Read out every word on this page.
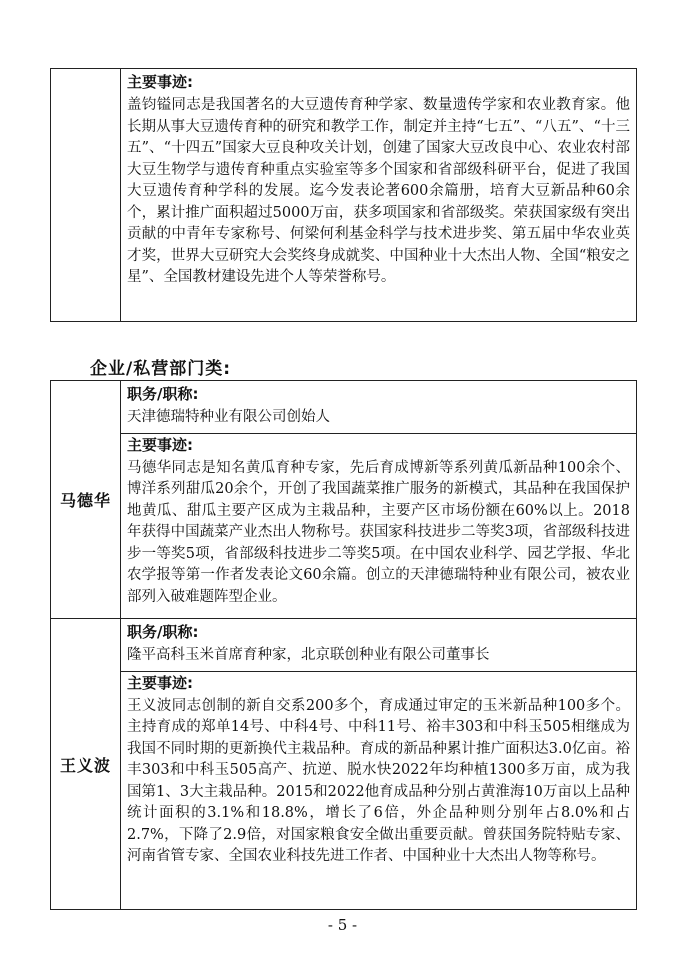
主要事迹:
盖钧镒同志是我国著名的大豆遗传育种学家、数量遗传学家和农业教育家。他长期从事大豆遗传育种的研究和教学工作，制定并主持“七五”、“八五”、“十三五”、“十四五”国家大豆良种攻关计划，创建了国家大豆改良中心、农业农村部大豆生物学与遗传育种重点实验室等多个国家和省部级科研平台，促进了我国大豆遗传育种学科的发展。迄今发表论著600余篇册，培育大豆新品种60余个，累计推广面积超过5000万亩，获多项国家和省部级奖。荣获国家级有突出贡献的中青年专家称号、何梁何利基金科学与技术进步奖、第五届中华农业英才奖，世界大豆研究大会奖终身成就奖、中国种业十大杰出人物、全国“粮安之星”、全国教材建设先进个人等荣誉称号。
企业/私营部门类:
马德华	职务/职称:
天津德瑞特种业有限公司创始人
主要事迹:
马德华同志是知名黄瓜育种专家，先后育成博新等系列黄瓜新品种100余个、博洋系列甜瓜20余个，开创了我国蔬菜推广服务的新模式，其品种在我国保护地黄瓜、甜瓜主要产区成为主栽品种，主要产区市场份额在60%以上。2018年获得中国蔬菜产业杰出人物称号。获国家科技进步二等奖3项，省部级科技进步一等奖5项，省部级科技进步二等奖5项。在中国农业科学、园艺学报、华北农学报等第一作者发表论文60余篇。创立的天津德瑞特种业有限公司，被农业部列入破难题阵型企业。

王义波	职务/职称:
隆平高科玉米首席育种家，北京联创种业有限公司董事长
主要事迹:
王义波同志创制的新自交系200多个，育成通过审定的玉米新品种100多个。主持育成的郑单14号、中科4号、中科11号、裕丰303和中科玉505相继成为我国不同时期的更新换代主栽品种。育成的新品种累计推广面积达3.0亿亩。裕丰303和中科玉505高产、抗逆、脱水快2022年均种植1300多万亩，成为我国第1、3大主栽品种。2015和2022他育成品种分别占黄淮海10万亩以上品种统计面积的3.1%和18.8%，增长了6倍，外企品种则分别年占8.0%和占2.7%，下降了2.9倍，对国家粮食安全做出重要贡献。曾获国务院特贴专家、河南省管专家、全国农业科技先进工作者、中国种业十大杰出人物等称号。
- 5 -
